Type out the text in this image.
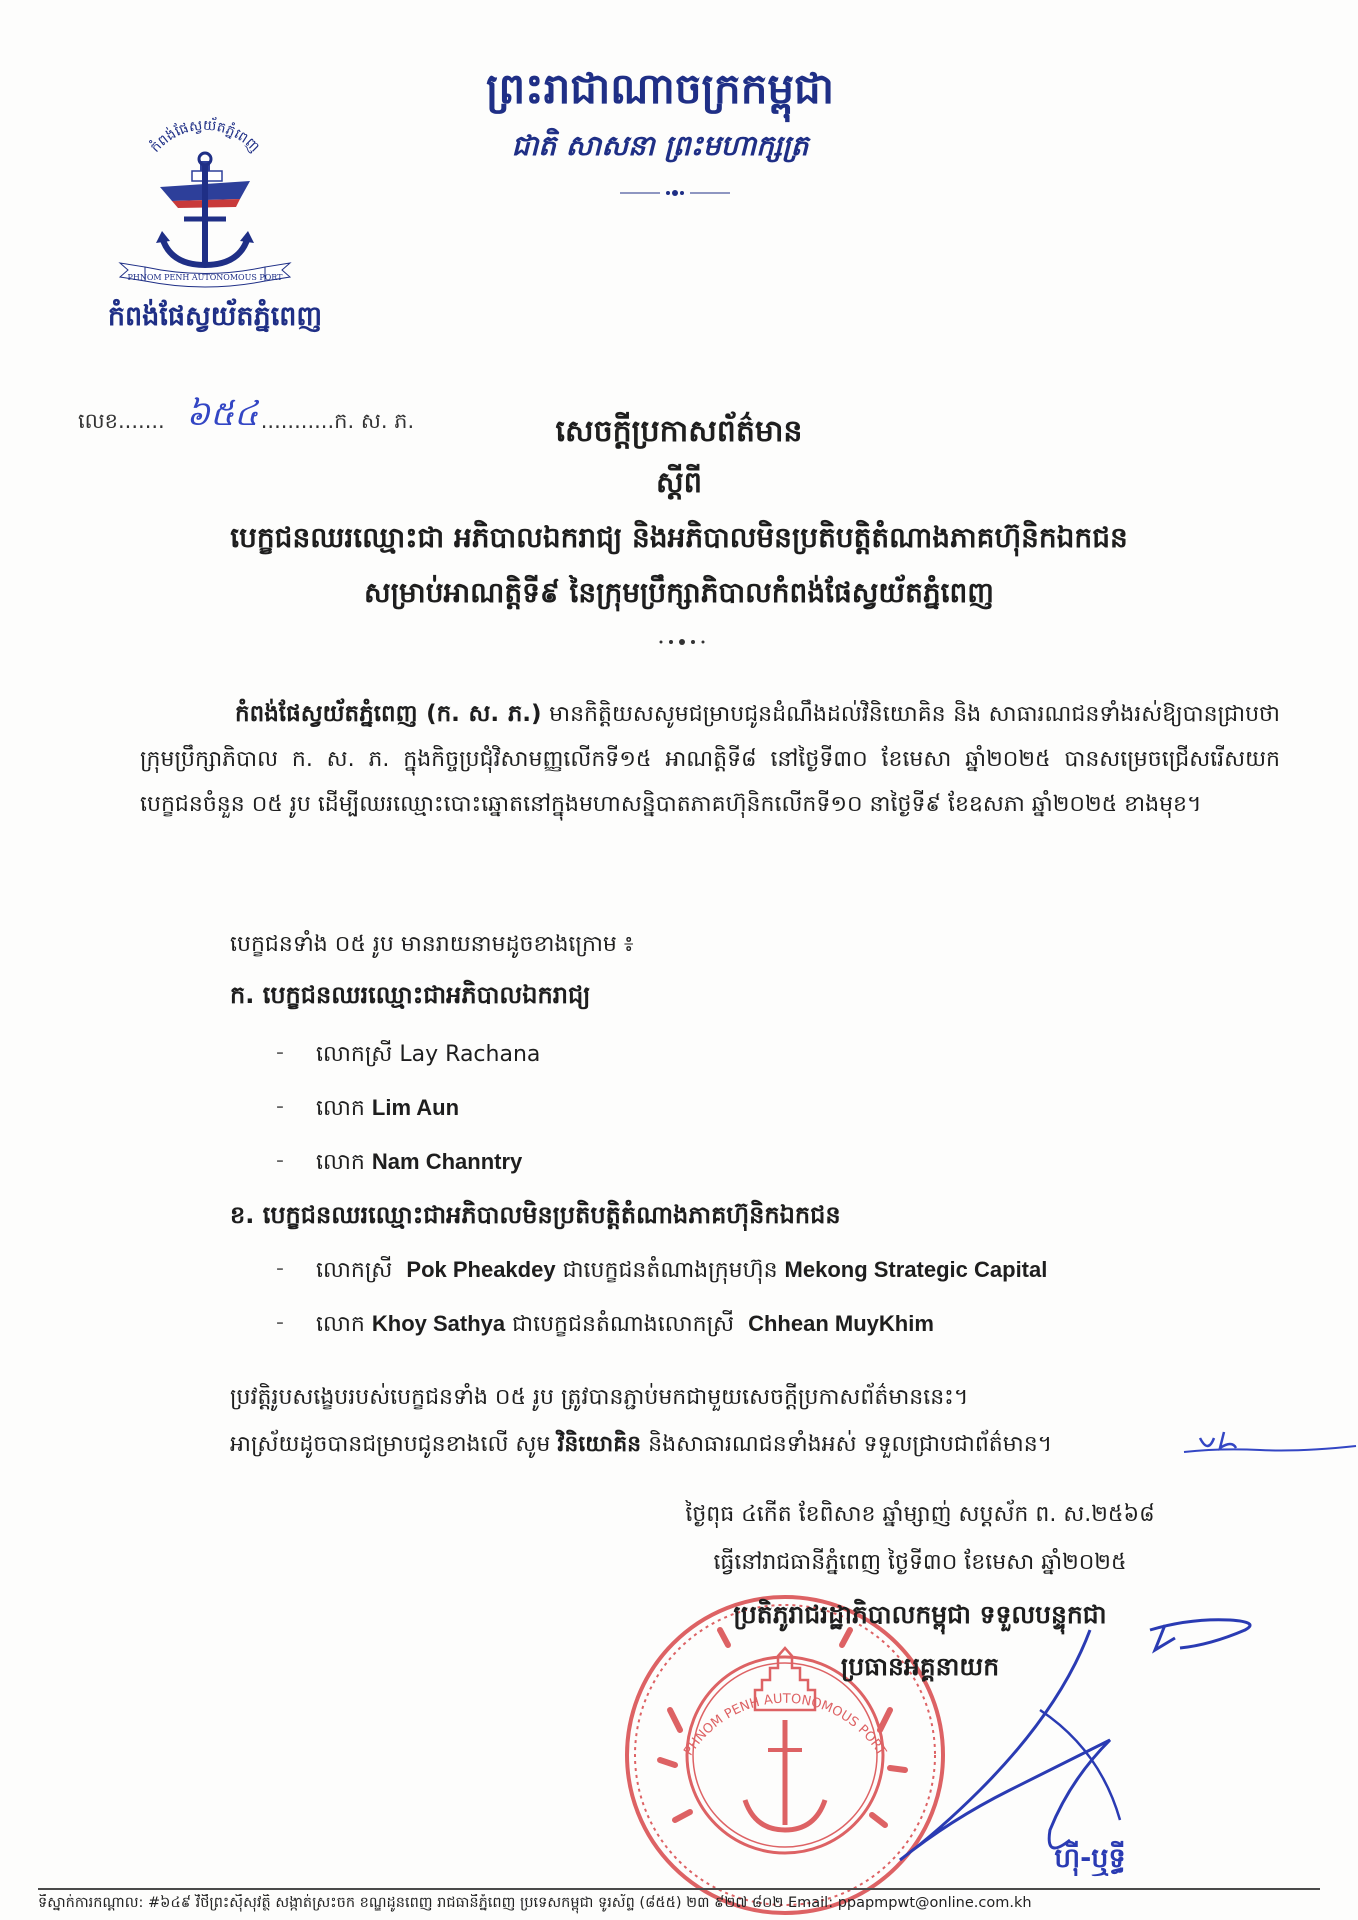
ព្រះរាជាណាចក្រកម្ពុជា
ជាតិ សាសនា ព្រះមហាក្សត្រ
កំពង់ផែស្វយ័តភ្នំពេញ
PHNOM PENH AUTONOMOUS PORT
កំពង់ផែស្វយ័តភ្នំពេញ
លេខ.......	...........ក. ស. ភ.
៦៥៤	សេចក្តីប្រកាសព័ត៌មាន
ស្តីពី
បេក្ខជនឈរឈ្មោះជា អភិបាលឯករាជ្យ និងអភិបាលមិនប្រតិបត្តិតំណាងភាគហ៊ុនិកឯកជន
សម្រាប់អាណត្តិទី៩ នៃក្រុមប្រឹក្សាភិបាលកំពង់ផែស្វយ័តភ្នំពេញ
កំពង់ផែស្វយ័តភ្នំពេញ (ក. ស. ភ.) មានកិត្តិយសសូមជម្រាបជូនដំណឹងដល់វិនិយោគិន និង សាធារណជនទាំងរស់ឱ្យបានជ្រាបថា ក្រុមប្រឹក្សាភិបាល ក. ស. ភ. ក្នុងកិច្ចប្រជុំវិសាមញ្ញលើកទី១៥ អាណត្តិទី៨ នៅថ្ងៃទី៣០ ខែមេសា ឆ្នាំ២០២៥ បានសម្រេចជ្រើសរើសយកបេក្ខជនចំនួន ០៥ រូប ដើម្បីឈរឈ្មោះបោះឆ្នោតនៅក្នុងមហាសន្និបាតភាគហ៊ុនិកលើកទី១០ នាថ្ងៃទី៩ ខែឧសភា ឆ្នាំ២០២៥ ខាងមុខ។
បេក្ខជនទាំង ០៥ រូប មានរាយនាមដូចខាងក្រោម ៖
ក. បេក្ខជនឈរឈ្មោះជាអភិបាលឯករាជ្យ
- លោកស្រី Lay Rachana
- លោក Lim Aun
- លោក Nam Channtry
ខ. បេក្ខជនឈរឈ្មោះជាអភិបាលមិនប្រតិបត្តិតំណាងភាគហ៊ុនិកឯកជន
- លោកស្រី Pok Pheakdey ជាបេក្ខជនតំណាងក្រុមហ៊ុន Mekong Strategic Capital
- លោក Khoy Sathya ជាបេក្ខជនតំណាងលោកស្រី Chhean MuyKhim
ប្រវត្តិរូបសង្ខេបរបស់បេក្ខជនទាំង ០៥ រូប ត្រូវបានភ្ជាប់មកជាមួយសេចក្តីប្រកាសព័ត៌មាននេះ។
អាស្រ័យដូចបានជម្រាបជូនខាងលើ សូម វិនិយោគិន និងសាធារណជនទាំងអស់ ទទួលជ្រាបជាព័ត៌មាន។
ថ្ងៃពុធ ៤កើត ខែពិសាខ ឆ្នាំម្សាញ់ សប្តស័ក ព. ស.២៥៦៨
ធ្វើនៅរាជធានីភ្នំពេញ ថ្ងៃទី៣០ ខែមេសា ឆ្នាំ២០២៥
PHNOM PENH AUTONOMOUS PORT
ប្រតិភូរាជរដ្ឋាភិបាលកម្ពុជា ទទួលបន្ទុកជា
ប្រធានអគ្គនាយក
ហ៊ី-ឬទ្ធី
ទីស្នាក់ការកណ្តាល: #៦៤៩ វិថីព្រះស៊ីសុវត្ថិ សង្កាត់ស្រះចក ខណ្ឌដូនពេញ រាជធានីភ្នំពេញ ប្រទេសកម្ពុជា ទូរស័ព្ទ (៨៥៥) ២៣ ៩២៧ ៨០២ Email: ppapmpwt@online.com.kh
